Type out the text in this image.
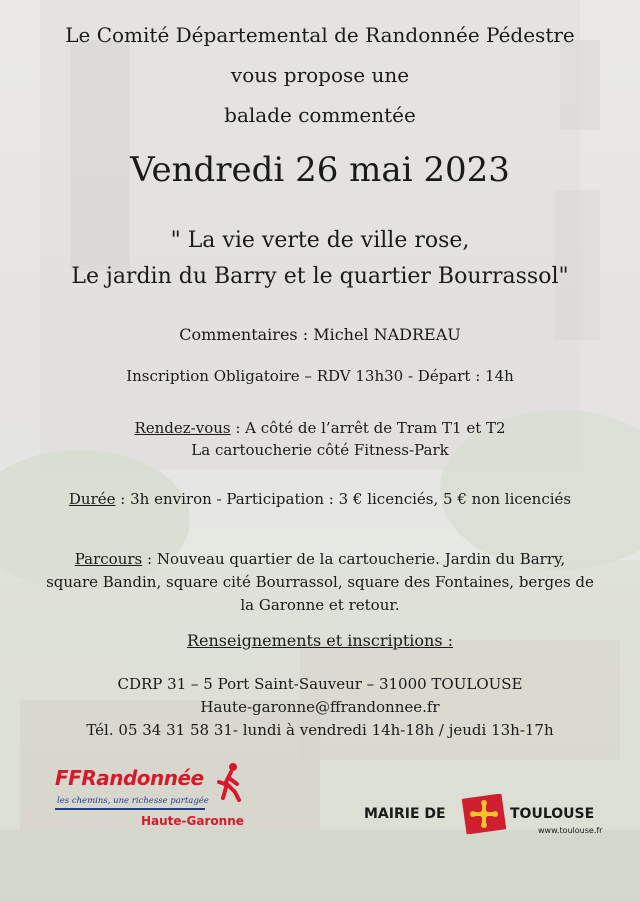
Le Comité Départemental de Randonnée Pédestre
vous propose une
balade commentée
Vendredi 26 mai 2023
" La vie verte de ville rose,
Le jardin du Barry et le quartier Bourrassol"
Commentaires : Michel NADREAU
Inscription Obligatoire – RDV 13h30 - Départ : 14h
Rendez-vous : A côté de l’arrêt de Tram T1 et T2
La cartoucherie côté Fitness-Park
Durée : 3h environ - Participation : 3 € licenciés, 5 € non licenciés
Parcours : Nouveau quartier de la cartoucherie. Jardin du Barry,
square Bandin, square cité Bourrassol, square des Fontaines, berges de
la Garonne et retour.
Renseignements et inscriptions :
CDRP 31 – 5 Port Saint-Sauveur – 31000 TOULOUSE
Haute-garonne@ffrandonnee.fr
Tél. 05 34 31 58 31- lundi à vendredi 14h-18h / jeudi 13h-17h
FFRandonnée
les chemins, une richesse partagée
Haute-Garonne	MAIRIE DE	TOULOUSE
www.toulouse.fr
